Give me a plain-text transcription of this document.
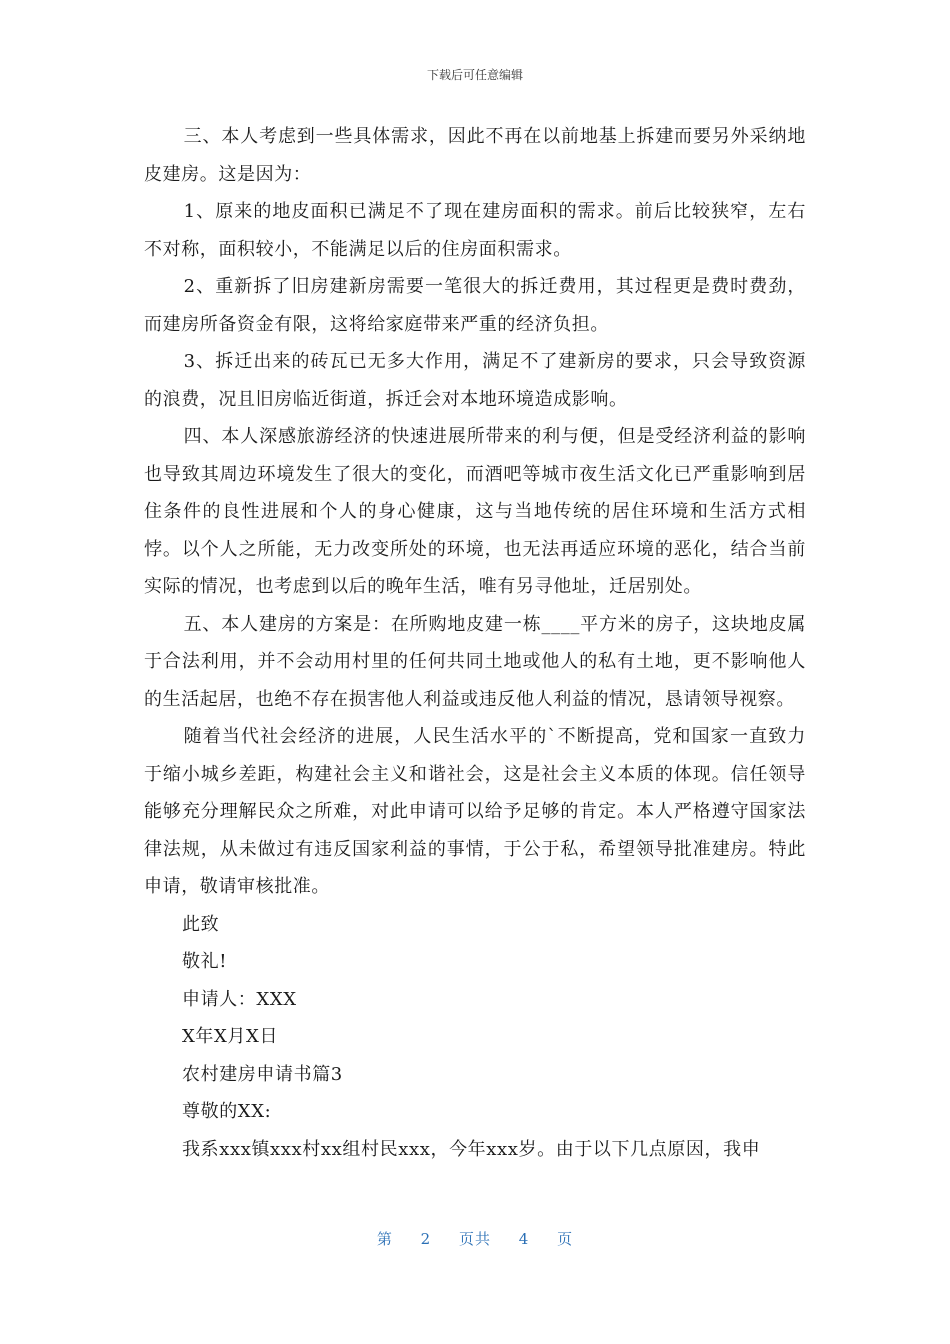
下载后可任意编辑

三、本人考虑到一些具体需求，因此不再在以前地基上拆建而要另外采纳地皮建房。这是因为：

1、原来的地皮面积已满足不了现在建房面积的需求。前后比较狭窄，左右不对称，面积较小，不能满足以后的住房面积需求。

2、重新拆了旧房建新房需要一笔很大的拆迁费用，其过程更是费时费劲，而建房所备资金有限，这将给家庭带来严重的经济负担。

3、拆迁出来的砖瓦已无多大作用，满足不了建新房的要求，只会导致资源的浪费，况且旧房临近街道，拆迁会对本地环境造成影响。

四、本人深感旅游经济的快速进展所带来的利与便，但是受经济利益的影响也导致其周边环境发生了很大的变化，而酒吧等城市夜生活文化已严重影响到居住条件的良性进展和个人的身心健康，这与当地传统的居住环境和生活方式相悖。以个人之所能，无力改变所处的环境，也无法再适应环境的恶化，结合当前实际的情况，也考虑到以后的晚年生活，唯有另寻他址，迁居别处。

五、本人建房的方案是：在所购地皮建一栋____平方米的房子，这块地皮属于合法利用，并不会动用村里的任何共同土地或他人的私有土地，更不影响他人的生活起居，也绝不存在损害他人利益或违反他人利益的情况，恳请领导视察。

随着当代社会经济的进展，人民生活水平的`不断提高，党和国家一直致力于缩小城乡差距，构建社会主义和谐社会，这是社会主义本质的体现。信任领导能够充分理解民众之所难，对此申请可以给予足够的肯定。本人严格遵守国家法律法规，从未做过有违反国家利益的事情，于公于私，希望领导批准建房。特此申请，敬请审核批准。

此致

敬礼!

申请人：XXX

X年X月X日

农村建房申请书篇3

尊敬的XX:

我系xxx镇xxx村xx组村民xxx，今年xxx岁。由于以下几点原因，我申

第 2 页共 4 页
